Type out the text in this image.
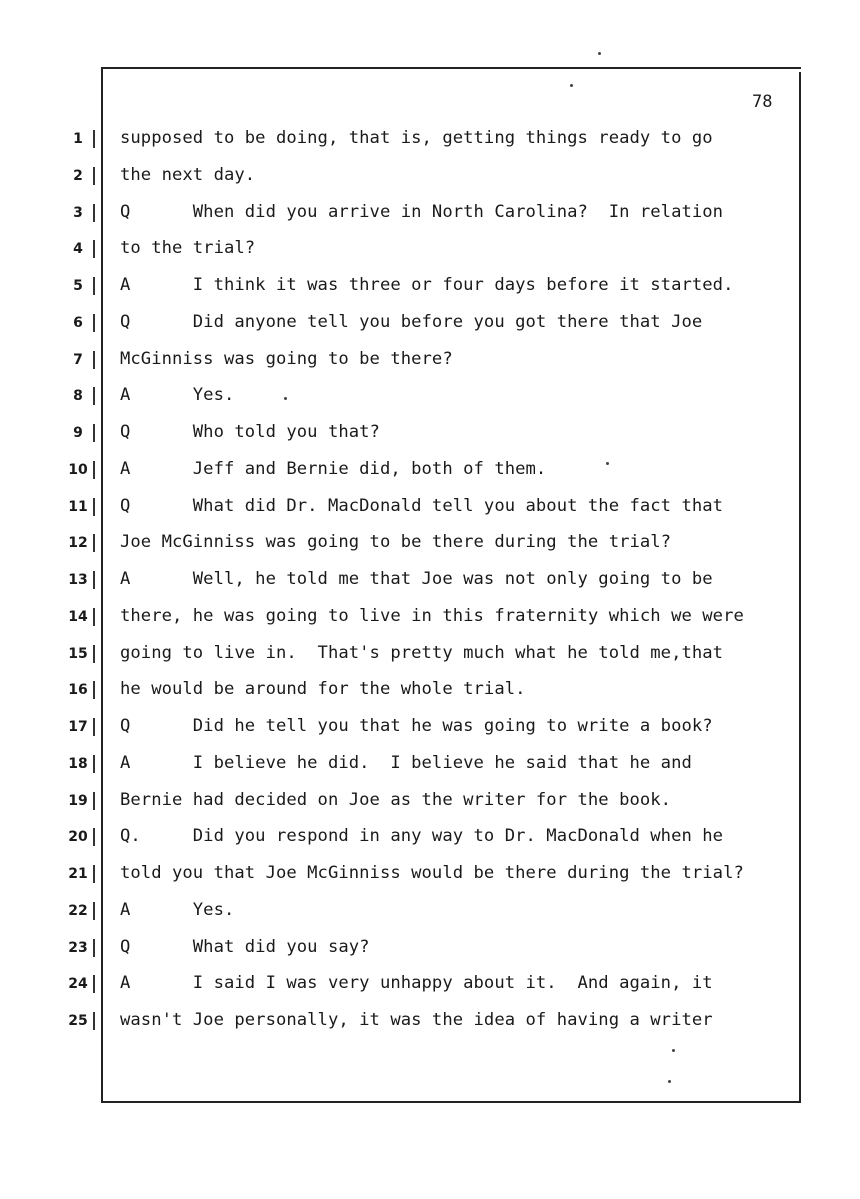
78
1	supposed to be doing, that is, getting things ready to go
2	the next day.
3	Q      When did you arrive in North Carolina?  In relation
4	to the trial?
5	A      I think it was three or four days before it started.
6	Q      Did anyone tell you before you got there that Joe
7	McGinniss was going to be there?
8	A      Yes.
9	Q      Who told you that?
10	A      Jeff and Bernie did, both of them.
11	Q      What did Dr. MacDonald tell you about the fact that
12	Joe McGinniss was going to be there during the trial?
13	A      Well, he told me that Joe was not only going to be
14	there, he was going to live in this fraternity which we were
15	going to live in.  That's pretty much what he told me,that
16	he would be around for the whole trial.
17	Q      Did he tell you that he was going to write a book?
18	A      I believe he did.  I believe he said that he and
19	Bernie had decided on Joe as the writer for the book.
20	Q.     Did you respond in any way to Dr. MacDonald when he
21	told you that Joe McGinniss would be there during the trial?
22	A      Yes.
23	Q      What did you say?
24	A      I said I was very unhappy about it.  And again, it
25	wasn't Joe personally, it was the idea of having a writer
